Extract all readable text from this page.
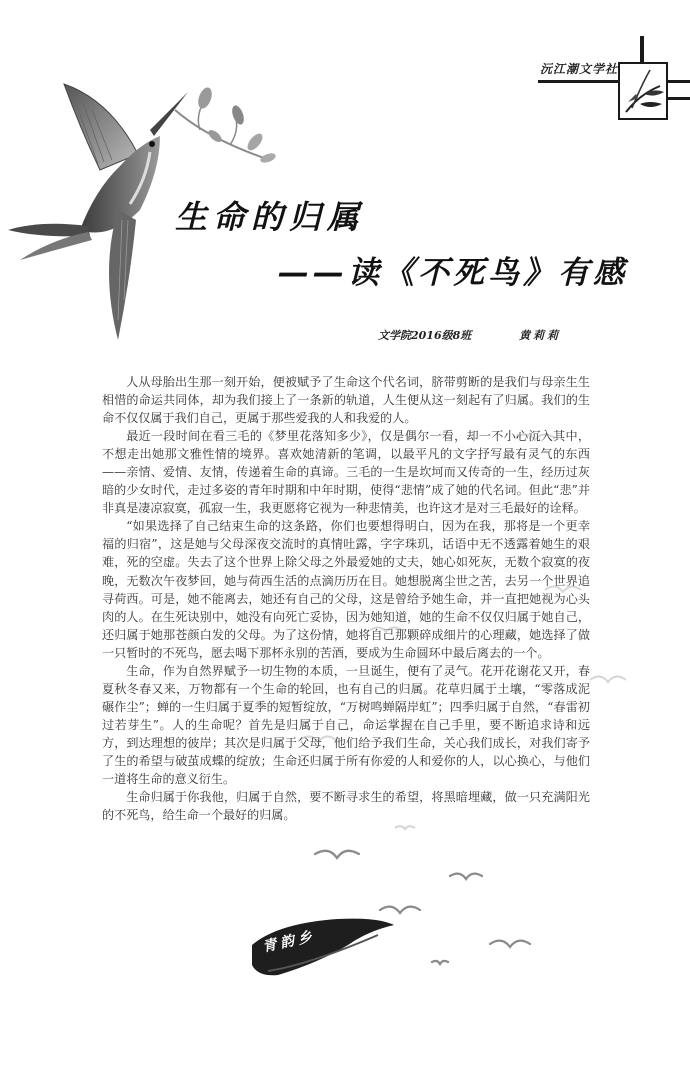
沅江潮文学社
生命的归属
——读《不死鸟》有感
文学院2016级8班	黄莉莉

人从母胎出生那一刻开始，便被赋予了生命这个代名词，脐带剪断的是我们与母亲生生相惜的命运共同体，却为我们接上了一条新的轨道，人生便从这一刻起有了归属。我们的生命不仅仅属于我们自己，更属于那些爱我的人和我爱的人。

最近一段时间在看三毛的《梦里花落知多少》，仅是偶尔一看，却一不小心沉入其中，不想走出她那文雅性情的境界。喜欢她清新的笔调，以最平凡的文字抒写最有灵气的东西——亲情、爱情、友情，传递着生命的真谛。三毛的一生是坎坷而又传奇的一生，经历过灰暗的少女时代，走过多姿的青年时期和中年时期，使得“悲情”成了她的代名词。但此“悲”并非真是凄凉寂寞，孤寂一生，我更愿将它视为一种悲情美，也许这才是对三毛最好的诠释。

“如果选择了自己结束生命的这条路，你们也要想得明白，因为在我，那将是一个更幸福的归宿”，这是她与父母深夜交流时的真情吐露，字字珠玑，话语中无不透露着她生的艰难，死的空虚。失去了这个世界上除父母之外最爱她的丈夫，她心如死灰，无数个寂寞的夜晚，无数次午夜梦回，她与荷西生活的点滴历历在目。她想脱离尘世之苦，去另一个世界追寻荷西。可是，她不能离去，她还有自己的父母，这是曾给予她生命，并一直把她视为心头肉的人。在生死诀别中，她没有向死亡妥协，因为她知道，她的生命不仅仅归属于她自己，还归属于她那苍颜白发的父母。为了这份情，她将自己那颗碎成细片的心理藏，她选择了做一只暂时的不死鸟，愿去喝下那杯永别的苦酒，要成为生命圆环中最后离去的一个。

生命，作为自然界赋予一切生物的本质，一旦诞生，便有了灵气。花开花谢花又开，春夏秋冬春又来，万物都有一个生命的轮回，也有自己的归属。花草归属于土壤，“零落成泥碾作尘”；蝉的一生归属于夏季的短暂绽放，“万树鸣蝉隔岸虹”；四季归属于自然，“春雷初过若芽生”。人的生命呢？首先是归属于自己，命运掌握在自己手里，要不断追求诗和远方，到达理想的彼岸；其次是归属于父母，他们给予我们生命，关心我们成长，对我们寄予了生的希望与破茧成蝶的绽放；生命还归属于所有你爱的人和爱你的人，以心换心，与他们一道将生命的意义衍生。

生命归属于你我他，归属于自然，要不断寻求生的希望，将黑暗埋藏，做一只充满阳光的不死鸟，给生命一个最好的归属。

青韵乡
